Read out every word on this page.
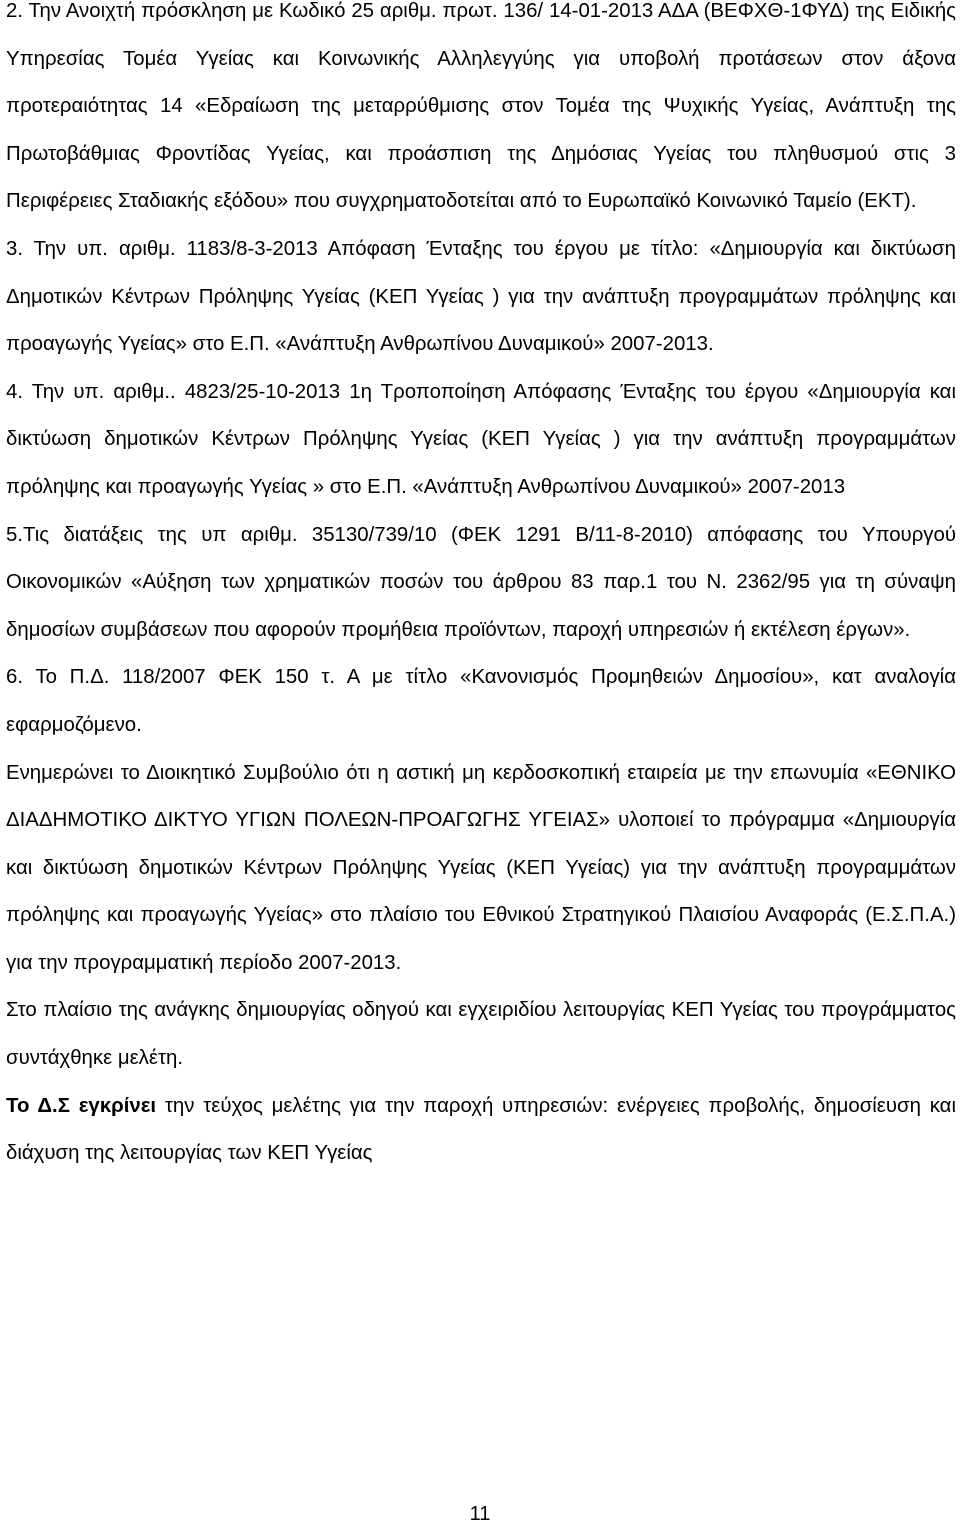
2. Την Ανοιχτή πρόσκληση με Κωδικό 25 αριθμ. πρωτ. 136/ 14-01-2013 ΑΔΑ (ΒΕΦΧΘ-1ΦΥΔ) της Ειδικής Υπηρεσίας Τομέα Υγείας και Κοινωνικής Αλληλεγγύης για υποβολή προτάσεων στον άξονα προτεραιότητας 14 «Εδραίωση της μεταρρύθμισης στον Τομέα της Ψυχικής Υγείας, Ανάπτυξη της Πρωτοβάθμιας Φροντίδας Υγείας, και προάσπιση της Δημόσιας Υγείας του πληθυσμού στις 3 Περιφέρειες Σταδιακής εξόδου» που συγχρηματοδοτείται από το Ευρωπαϊκό Κοινωνικό Ταμείο (ΕΚΤ).

3. Την υπ. αριθμ. 1183/8-3-2013 Απόφαση Ένταξης του έργου με τίτλο: «Δημιουργία και δικτύωση Δημοτικών Κέντρων Πρόληψης Υγείας (ΚΕΠ Υγείας ) για την ανάπτυξη προγραμμάτων πρόληψης και προαγωγής Υγείας» στο Ε.Π. «Ανάπτυξη Ανθρωπίνου Δυναμικού» 2007-2013.

4. Την υπ. αριθμ.. 4823/25-10-2013 1η Τροποποίηση Απόφασης Ένταξης του έργου «Δημιουργία και δικτύωση δημοτικών Κέντρων Πρόληψης Υγείας (ΚΕΠ Υγείας ) για την ανάπτυξη προγραμμάτων πρόληψης και προαγωγής Υγείας » στο Ε.Π. «Ανάπτυξη Ανθρωπίνου Δυναμικού» 2007-2013

5.Τις διατάξεις της υπ αριθμ. 35130/739/10 (ΦΕΚ 1291 Β/11-8-2010) απόφασης του Υπουργού Οικονομικών «Αύξηση των χρηματικών ποσών του άρθρου 83 παρ.1 του Ν. 2362/95 για τη σύναψη δημοσίων συμβάσεων που αφορούν προμήθεια προϊόντων, παροχή υπηρεσιών ή εκτέλεση έργων».

6. Το Π.Δ. 118/2007 ΦΕΚ 150 τ. Α με τίτλο «Κανονισμός Προμηθειών Δημοσίου», κατ αναλογία εφαρμοζόμενο.

Ενημερώνει το Διοικητικό Συμβούλιο ότι η αστική μη κερδοσκοπική εταιρεία με την επωνυμία «ΕΘΝΙΚΟ ΔΙΑΔΗΜΟΤΙΚΟ ΔΙΚΤΥΟ ΥΓΙΩΝ ΠΟΛΕΩΝ-ΠΡΟΑΓΩΓΗΣ ΥΓΕΙΑΣ» υλοποιεί το πρόγραμμα «Δημιουργία και δικτύωση δημοτικών Κέντρων Πρόληψης Υγείας (ΚΕΠ Υγείας) για την ανάπτυξη προγραμμάτων πρόληψης και προαγωγής Υγείας» στο πλαίσιο του Εθνικού Στρατηγικού Πλαισίου Αναφοράς (Ε.Σ.Π.Α.) για την προγραμματική περίοδο 2007-2013.

Στο πλαίσιο της ανάγκης δημιουργίας οδηγού και εγχειριδίου λειτουργίας ΚΕΠ Υγείας του προγράμματος συντάχθηκε μελέτη.

Το Δ.Σ εγκρίνει την τεύχος μελέτης για την παροχή υπηρεσιών: ενέργειες προβολής, δημοσίευση και διάχυση της λειτουργίας των ΚΕΠ Υγείας

11
